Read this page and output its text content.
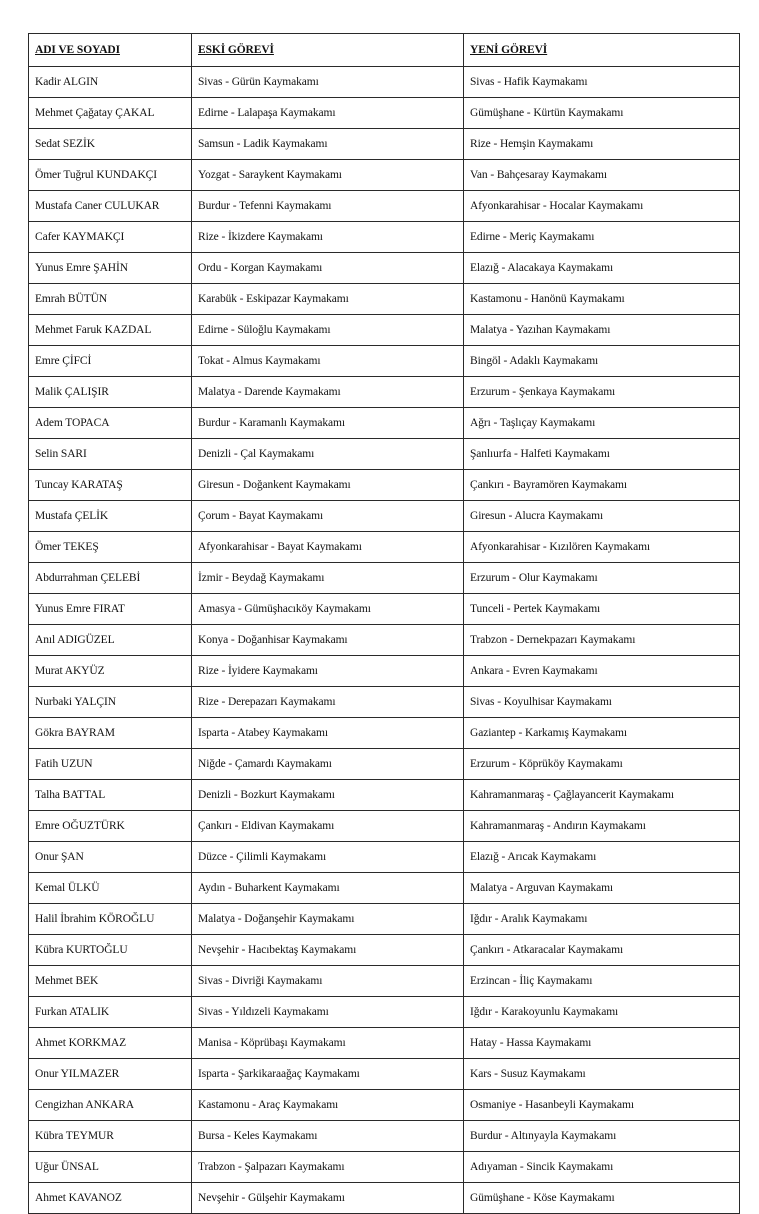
ADI VE SOYADI	ESKİ GÖREVİ	YENİ GÖREVİ
Kadir ALGIN	Sivas - Gürün Kaymakamı	Sivas - Hafik Kaymakamı
Mehmet Çağatay ÇAKAL	Edirne - Lalapaşa Kaymakamı	Gümüşhane - Kürtün Kaymakamı
Sedat SEZİK	Samsun - Ladik Kaymakamı	Rize - Hemşin Kaymakamı
Ömer Tuğrul KUNDAKÇI	Yozgat - Saraykent Kaymakamı	Van - Bahçesaray Kaymakamı
Mustafa Caner CULUKAR	Burdur - Tefenni Kaymakamı	Afyonkarahisar - Hocalar Kaymakamı
Cafer KAYMAKÇI	Rize - İkizdere Kaymakamı	Edirne - Meriç Kaymakamı
Yunus Emre ŞAHİN	Ordu - Korgan Kaymakamı	Elazığ - Alacakaya Kaymakamı
Emrah BÜTÜN	Karabük - Eskipazar Kaymakamı	Kastamonu - Hanönü Kaymakamı
Mehmet Faruk KAZDAL	Edirne - Süloğlu Kaymakamı	Malatya - Yazıhan Kaymakamı
Emre ÇİFCİ	Tokat - Almus Kaymakamı	Bingöl - Adaklı Kaymakamı
Malik ÇALIŞIR	Malatya - Darende Kaymakamı	Erzurum - Şenkaya Kaymakamı
Adem TOPACA	Burdur - Karamanlı Kaymakamı	Ağrı - Taşlıçay Kaymakamı
Selin SARI	Denizli - Çal Kaymakamı	Şanlıurfa - Halfeti Kaymakamı
Tuncay KARATAŞ	Giresun - Doğankent Kaymakamı	Çankırı - Bayramören Kaymakamı
Mustafa ÇELİK	Çorum - Bayat Kaymakamı	Giresun - Alucra Kaymakamı
Ömer TEKEŞ	Afyonkarahisar - Bayat Kaymakamı	Afyonkarahisar - Kızılören Kaymakamı
Abdurrahman ÇELEBİ	İzmir - Beydağ Kaymakamı	Erzurum - Olur Kaymakamı
Yunus Emre FIRAT	Amasya - Gümüşhacıköy Kaymakamı	Tunceli - Pertek Kaymakamı
Anıl ADIGÜZEL	Konya - Doğanhisar Kaymakamı	Trabzon - Dernekpazarı Kaymakamı
Murat AKYÜZ	Rize - İyidere Kaymakamı	Ankara - Evren Kaymakamı
Nurbaki YALÇIN	Rize - Derepazarı Kaymakamı	Sivas - Koyulhisar Kaymakamı
Gökra BAYRAM	Isparta - Atabey Kaymakamı	Gaziantep - Karkamış Kaymakamı
Fatih UZUN	Niğde - Çamardı Kaymakamı	Erzurum - Köprüköy Kaymakamı
Talha BATTAL	Denizli - Bozkurt Kaymakamı	Kahramanmaraş - Çağlayancerit Kaymakamı
Emre OĞUZTÜRK	Çankırı - Eldivan Kaymakamı	Kahramanmaraş - Andırın Kaymakamı
Onur ŞAN	Düzce - Çilimli Kaymakamı	Elazığ - Arıcak Kaymakamı
Kemal ÜLKÜ	Aydın - Buharkent Kaymakamı	Malatya - Arguvan Kaymakamı
Halil İbrahim KÖROĞLU	Malatya - Doğanşehir Kaymakamı	Iğdır - Aralık Kaymakamı
Kübra KURTOĞLU	Nevşehir - Hacıbektaş Kaymakamı	Çankırı - Atkaracalar Kaymakamı
Mehmet BEK	Sivas - Divriği Kaymakamı	Erzincan - İliç Kaymakamı
Furkan ATALIK	Sivas - Yıldızeli Kaymakamı	Iğdır - Karakoyunlu Kaymakamı
Ahmet KORKMAZ	Manisa - Köprübaşı Kaymakamı	Hatay - Hassa Kaymakamı
Onur YILMAZER	Isparta - Şarkikaraağaç Kaymakamı	Kars - Susuz Kaymakamı
Cengizhan ANKARA	Kastamonu - Araç Kaymakamı	Osmaniye - Hasanbeyli Kaymakamı
Kübra TEYMUR	Bursa - Keles Kaymakamı	Burdur - Altınyayla Kaymakamı
Uğur ÜNSAL	Trabzon - Şalpazarı Kaymakamı	Adıyaman - Sincik Kaymakamı
Ahmet KAVANOZ	Nevşehir - Gülşehir Kaymakamı	Gümüşhane - Köse Kaymakamı
